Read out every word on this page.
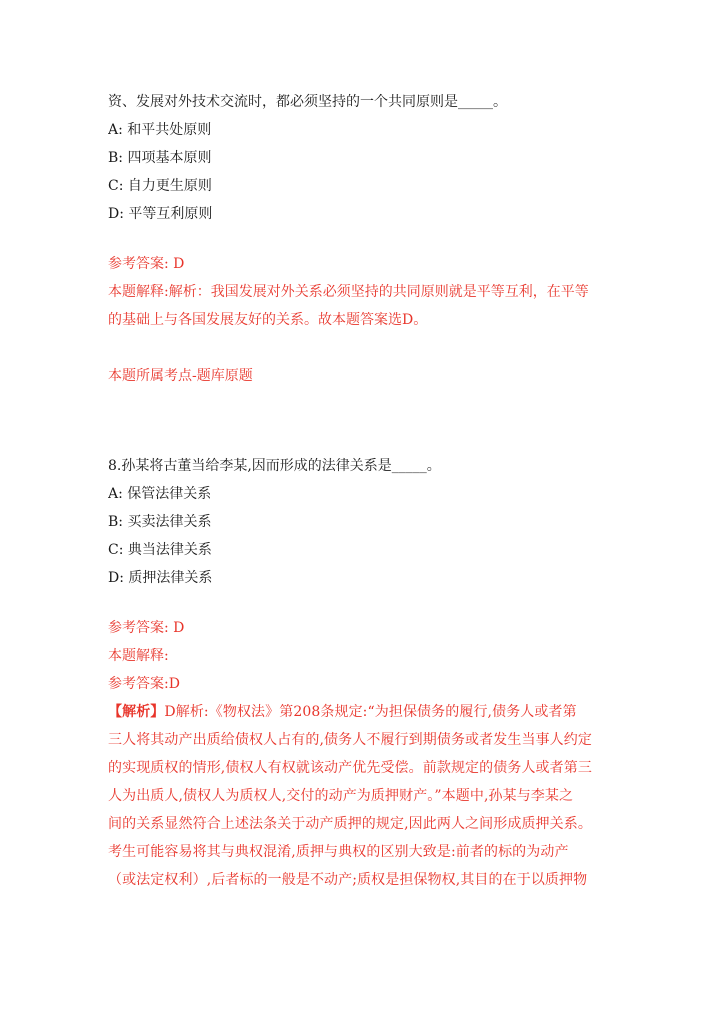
资、发展对外技术交流时，都必须坚持的一个共同原则是_____。
A: 和平共处原则
B: 四项基本原则
C: 自力更生原则
D: 平等互利原则
参考答案: D
本题解释:解析：我国发展对外关系必须坚持的共同原则就是平等互利，在平等
的基础上与各国发展友好的关系。故本题答案选D。
本题所属考点-题库原题
8.孙某将古董当给李某,因而形成的法律关系是_____。
A: 保管法律关系
B: 买卖法律关系
C: 典当法律关系
D: 质押法律关系
参考答案: D
本题解释:
参考答案:D
【解析】D解析:《物权法》第208条规定:“为担保债务的履行,债务人或者第
三人将其动产出质给债权人占有的,债务人不履行到期债务或者发生当事人约定
的实现质权的情形,债权人有权就该动产优先受偿。前款规定的债务人或者第三
人为出质人,债权人为质权人,交付的动产为质押财产。”本题中,孙某与李某之
间的关系显然符合上述法条关于动产质押的规定,因此两人之间形成质押关系。
考生可能容易将其与典权混淆,质押与典权的区别大致是:前者的标的为动产
（或法定权利）,后者标的一般是不动产;质权是担保物权,其目的在于以质押物
